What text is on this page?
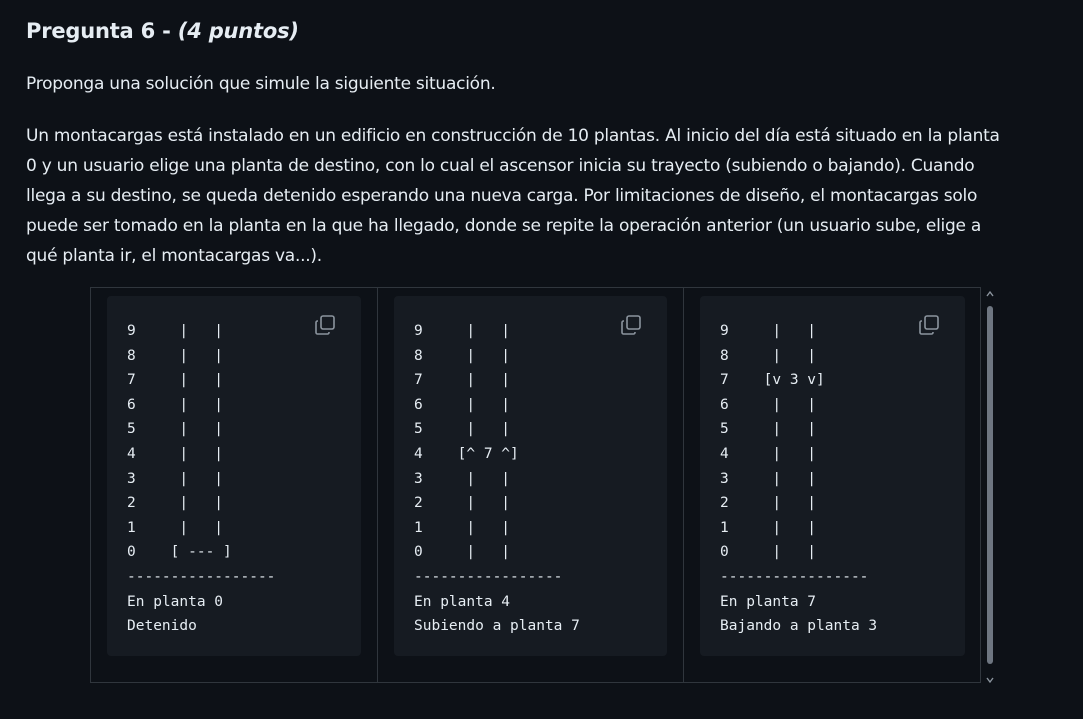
Pregunta 6 - (4 puntos)
Proponga una solución que simule la siguiente situación.
Un montacargas está instalado en un edificio en construcción de 10 plantas. Al inicio del día está situado en la planta
0 y un usuario elige una planta de destino, con lo cual el ascensor inicia su trayecto (subiendo o bajando). Cuando
llega a su destino, se queda detenido esperando una nueva carga. Por limitaciones de diseño, el montacargas solo
puede ser tomado en la planta en la que ha llegado, donde se repite la operación anterior (un usuario sube, elige a
qué planta ir, el montacargas va...).
9     |   |
8     |   |
7     |   |
6     |   |
5     |   |
4     |   |
3     |   |
2     |   |
1     |   |
0    [ --- ]
-----------------
En planta 0
Detenido
9     |   |
8     |   |
7     |   |
6     |   |
5     |   |
4    [^ 7 ^]
3     |   |
2     |   |
1     |   |
0     |   |
-----------------
En planta 4
Subiendo a planta 7
9     |   |
8     |   |
7    [v 3 v]
6     |   |
5     |   |
4     |   |
3     |   |
2     |   |
1     |   |
0     |   |
-----------------
En planta 7
Bajando a planta 3
